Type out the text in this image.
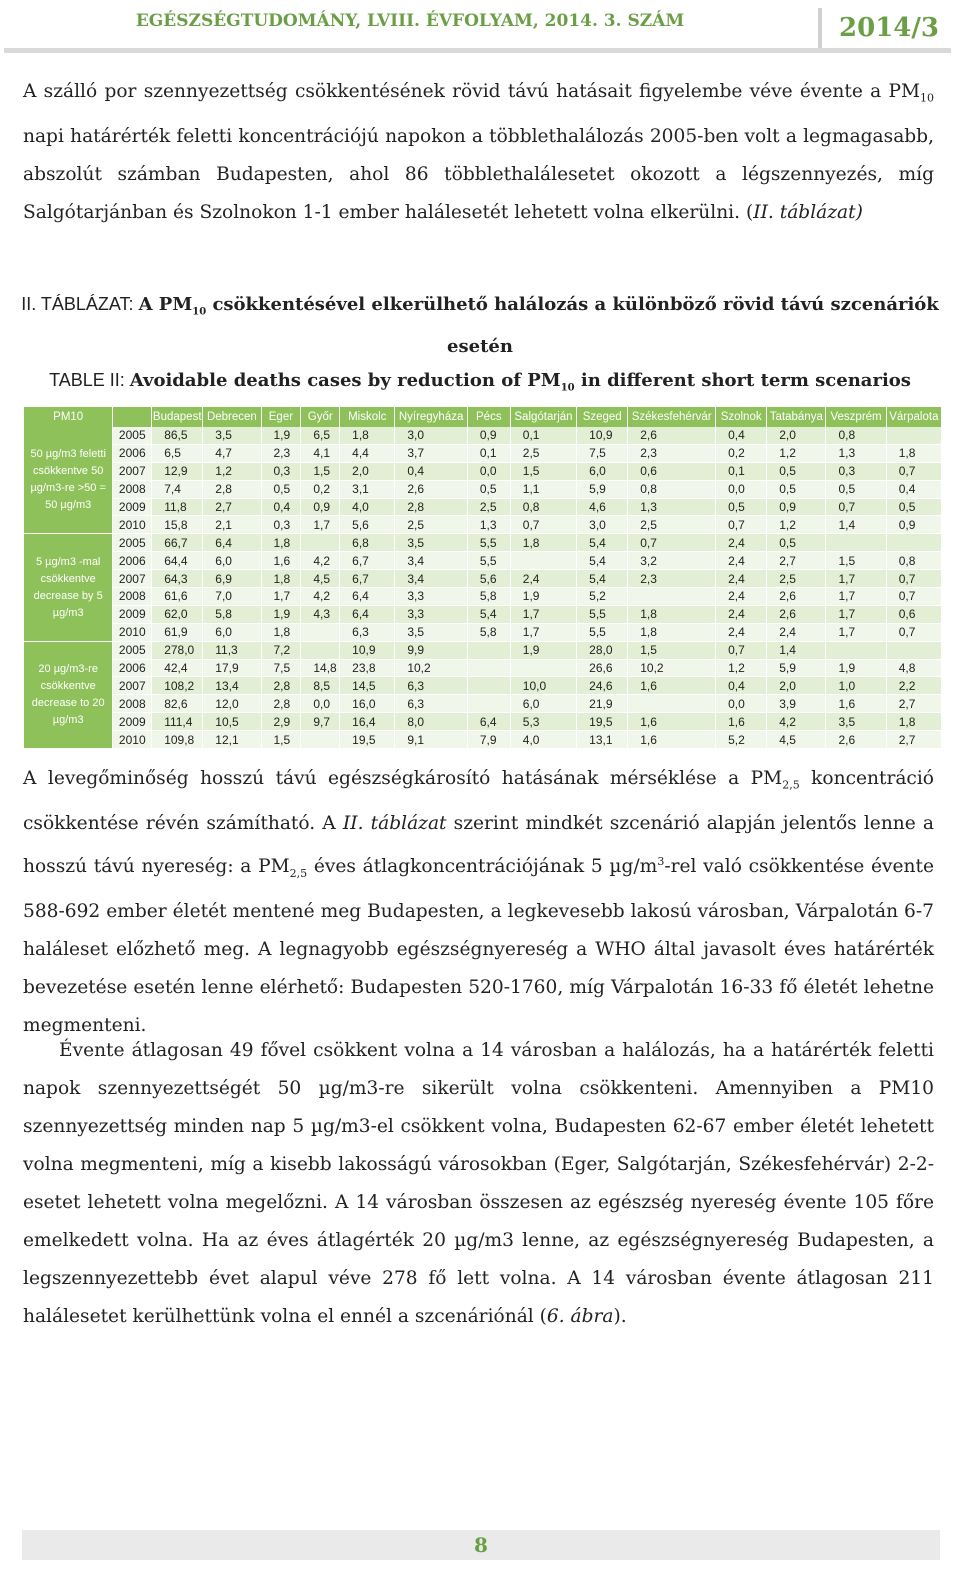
EGÉSZSÉGTUDOMÁNY, LVIII. ÉVFOLYAM, 2014. 3. SZÁM	2014/3
A szálló por szennyezettség csökkentésének rövid távú hatásait figyelembe véve évente a $PM_{10}$ napi határérték feletti koncentrációjú napokon a többlethalálozás 2005-ben volt a legmagasabb, abszolút számban Budapesten, ahol 86 többlethalálesetet okozott a légszennyezés, míg Salgótarjánban és Szolnokon 1-1 ember halálesetét lehetett volna elkerülni. (II. táblázat)
II. TÁBLÁZAT: A $PM_{10}$ csökkentésével elkerülhető halálozás a különböző rövid távú szcenáriók esetén
TABLE II: Avoidable deaths cases by reduction of $PM_{10}$ in different short term scenarios
PM10		Budapest	Debrecen	Eger	Győr	Miskolc	Nyíregyháza	Pécs	Salgótarján	Szeged	Székesfehérvár	Szolnok	Tatabánya	Veszprém	Várpalota
50 µg/m3 feletti csökkentve 50 µg/m3-re >50 = 50 µg/m3	2005	86,5	3,5	1,9	6,5	1,8	3,0	0,9	0,1	10,9	2,6	0,4	2,0	0,8	
	2006	6,5	4,7	2,3	4,1	4,4	3,7	0,1	2,5	7,5	2,3	0,2	1,2	1,3	1,8
	2007	12,9	1,2	0,3	1,5	2,0	0,4	0,0	1,5	6,0	0,6	0,1	0,5	0,3	0,7
	2008	7,4	2,8	0,5	0,2	3,1	2,6	0,5	1,1	5,9	0,8	0,0	0,5	0,5	0,4
	2009	11,8	2,7	0,4	0,9	4,0	2,8	2,5	0,8	4,6	1,3	0,5	0,9	0,7	0,5
	2010	15,8	2,1	0,3	1,7	5,6	2,5	1,3	0,7	3,0	2,5	0,7	1,2	1,4	0,9
5 µg/m3 -mal csökkentve decrease by 5 µg/m3	2005	66,7	6,4	1,8		6,8	3,5	5,5	1,8	5,4	0,7	2,4	0,5		
	2006	64,4	6,0	1,6	4,2	6,7	3,4	5,5		5,4	3,2	2,4	2,7	1,5	0,8
	2007	64,3	6,9	1,8	4,5	6,7	3,4	5,6	2,4	5,4	2,3	2,4	2,5	1,7	0,7
	2008	61,6	7,0	1,7	4,2	6,4	3,3	5,8	1,9	5,2		2,4	2,6	1,7	0,7
	2009	62,0	5,8	1,9	4,3	6,4	3,3	5,4	1,7	5,5	1,8	2,4	2,6	1,7	0,6
	2010	61,9	6,0	1,8		6,3	3,5	5,8	1,7	5,5	1,8	2,4	2,4	1,7	0,7
20 µg/m3-re csökkentve decrease to 20 µg/m3	2005	278,0	11,3	7,2		10,9	9,9		1,9	28,0	1,5	0,7	1,4		
	2006	42,4	17,9	7,5	14,8	23,8	10,2			26,6	10,2	1,2	5,9	1,9	4,8
	2007	108,2	13,4	2,8	8,5	14,5	6,3		10,0	24,6	1,6	0,4	2,0	1,0	2,2
	2008	82,6	12,0	2,8	0,0	16,0	6,3		6,0	21,9		0,0	3,9	1,6	2,7
	2009	111,4	10,5	2,9	9,7	16,4	8,0	6,4	5,3	19,5	1,6	1,6	4,2	3,5	1,8
	2010	109,8	12,1	1,5		19,5	9,1	7,9	4,0	13,1	1,6	5,2	4,5	2,6	2,7
A levegőminőség hosszú távú egészségkárosító hatásának mérséklése a $PM_{2,5}$ koncentráció csökkentése révén számítható. A II. táblázat szerint mindkét szcenárió alapján jelentős lenne a hosszú távú nyereség: a $PM_{2,5}$ éves átlagkoncentrációjának 5 $\mu g/m^3$-rel való csökkentése évente 588-692 ember életét mentené meg Budapesten, a legkevesebb lakosú városban, Várpalotán 6-7 haláleset előzhető meg. A legnagyobb egészségnyereség a WHO által javasolt éves határérték bevezetése esetén lenne elérhető: Budapesten 520-1760, míg Várpalotán 16-33 fő életét lehetne megmenteni.
Évente átlagosan 49 fővel csökkent volna a 14 városban a halálozás, ha a határérték feletti napok szennyezettségét 50 µg/m3-re sikerült volna csökkenteni. Amennyiben a PM10 szennyezettség minden nap 5 µg/m3-el csökkent volna, Budapesten 62-67 ember életét lehetett volna megmenteni, míg a kisebb lakosságú városokban (Eger, Salgótarján, Székesfehérvár) 2-2-esetet lehetett volna megelőzni. A 14 városban összesen az egészség nyereség évente 105 főre emelkedett volna. Ha az éves átlagérték 20 µg/m3 lenne, az egészségnyereség Budapesten, a legszennyezettebb évet alapul véve 278 fő lett volna. A 14 városban évente átlagosan 211 halálesetet kerülhettünk volna el ennél a szcenáriónál (6. ábra).
8
